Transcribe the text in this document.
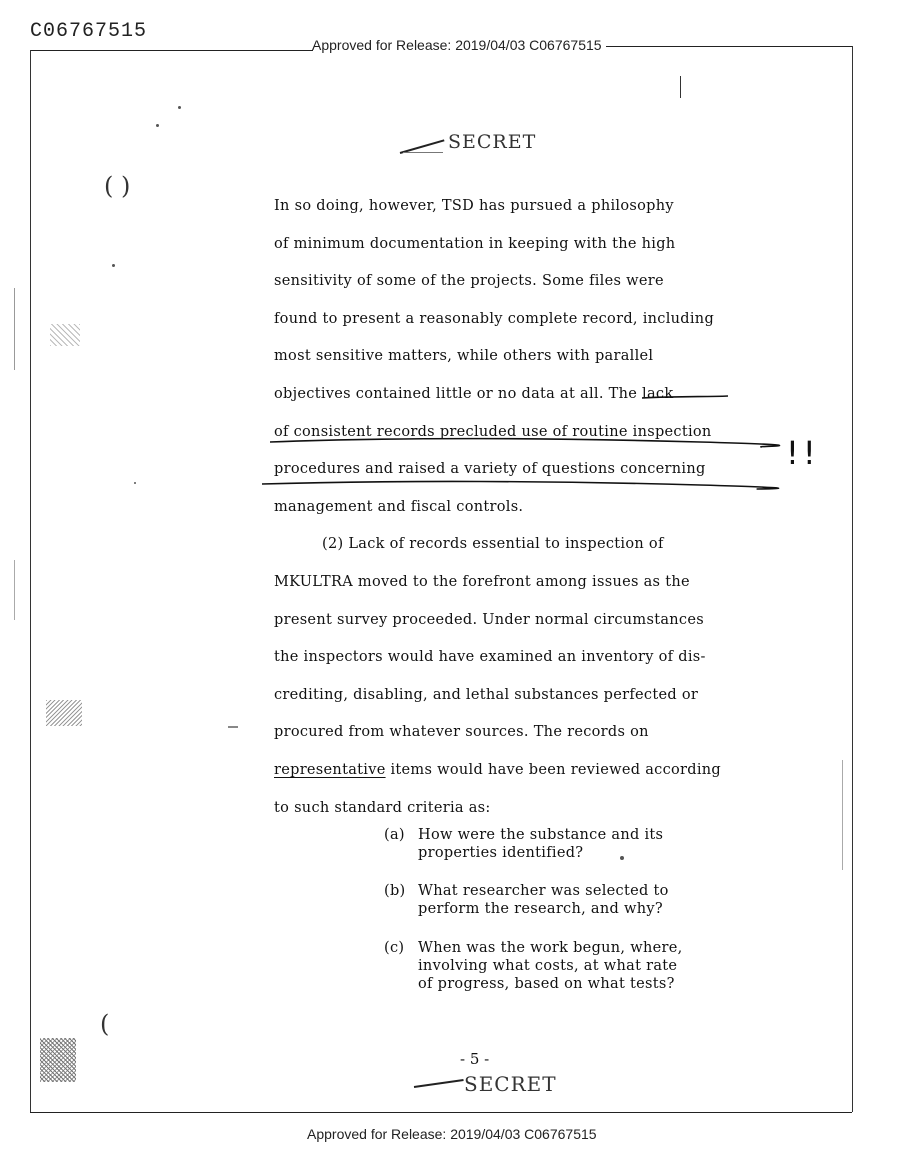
C06767515
Approved for Release: 2019/04/03 C06767515
SECRET
( )
(
In so doing, however, TSD has pursued a philosophy
of minimum documentation in keeping with the high
sensitivity of some of the projects. Some files were
found to present a reasonably complete record, including
most sensitive matters, while others with parallel
objectives contained little or no data at all. The lack
of consistent records precluded use of routine inspection
procedures and raised a variety of questions concerning
management and fiscal controls.
(2) Lack of records essential to inspection of
MKULTRA moved to the forefront among issues as the
present survey proceeded. Under normal circumstances
the inspectors would have examined an inventory of dis-
crediting, disabling, and lethal substances perfected or
procured from whatever sources. The records on
representative items would have been reviewed according
to such standard criteria as:
!!
(a) How were the substance and its
properties identified?
(b) What researcher was selected to
perform the research, and why?
(c) When was the work begun, where,
involving what costs, at what rate
of progress, based on what tests?
- 5 -
SECRET
Approved for Release: 2019/04/03 C06767515
